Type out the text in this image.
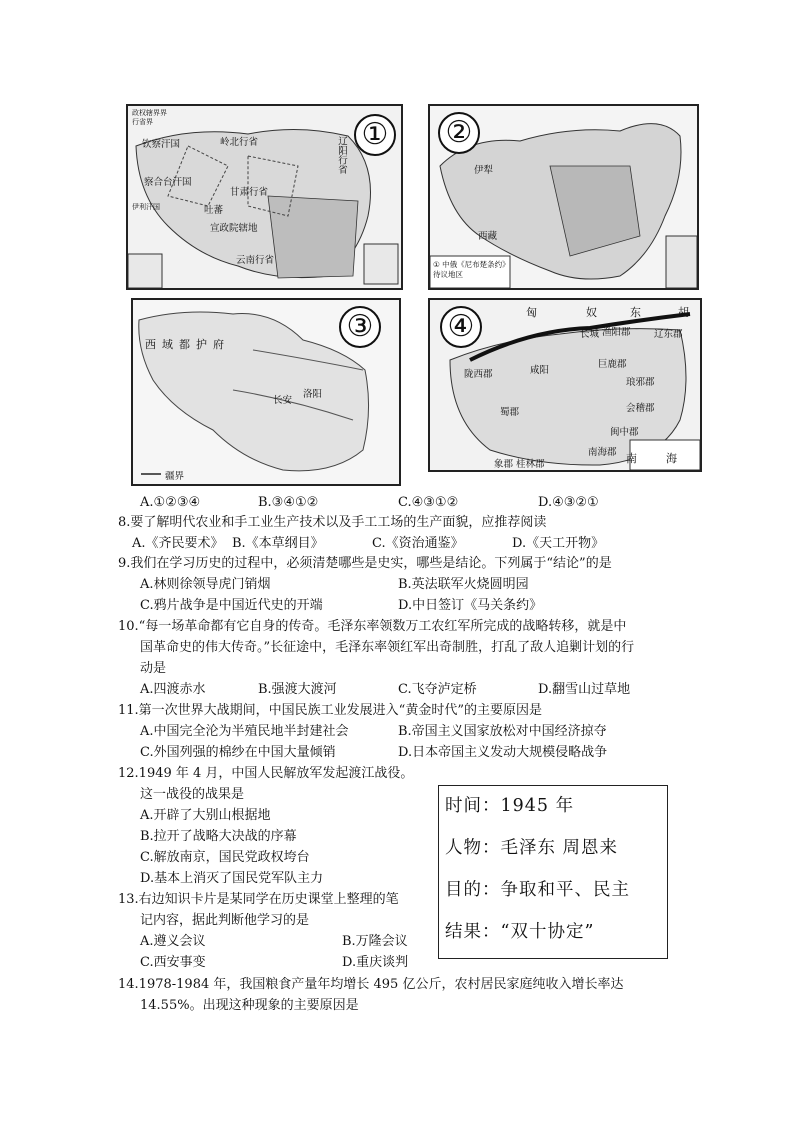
政权辖界界
行省界
钦察汗国	岭北行省	辽阳行省
察合台汗国
甘肃行省
伊利汗国	吐蕃
宣政院辖地
云南行省
①
伊犁
西藏
① 中俄《尼布楚条约》待议地区
②
西域都护府
长安
洛阳
疆界
③	匈	奴	东	胡
长城 渔阳郡 辽东郡
陇西郡	咸阳
巨鹿郡
琅邪郡
会稽郡
闽中郡
南海郡
象郡 桂林郡	南	海
蜀郡
④
A.①②③④	B.③④①②	C.④③①②	D.④③②①
8.要了解明代农业和手工业生产技术以及手工工场的生产面貌，应推荐阅读
A.《齐民要术》 B.《本草纲目》	C.《资治通鉴》	D.《天工开物》
9.我们在学习历史的过程中，必须清楚哪些是史实，哪些是结论。下列属于“结论”的是
A.林则徐领导虎门销烟	B.英法联军火烧圆明园
C.鸦片战争是中国近代史的开端	D.中日签订《马关条约》
10.“每一场革命都有它自身的传奇。毛泽东率领数万工农红军所完成的战略转移，就是中
国革命史的伟大传奇。”长征途中，毛泽东率领红军出奇制胜，打乱了敌人追剿计划的行
动是
A.四渡赤水	B.强渡大渡河	C.飞夺泸定桥	D.翻雪山过草地
11.第一次世界大战期间，中国民族工业发展进入“黄金时代”的主要原因是
A.中国完全沦为半殖民地半封建社会	B.帝国主义国家放松对中国经济掠夺
C.外国列强的棉纱在中国大量倾销	D.日本帝国主义发动大规模侵略战争
12.1949 年 4 月，中国人民解放军发起渡江战役。
这一战役的战果是
A.开辟了大别山根据地
B.拉开了战略大决战的序幕
C.解放南京，国民党政权垮台
D.基本上消灭了国民党军队主力
13.右边知识卡片是某同学在历史课堂上整理的笔
记内容，据此判断他学习的是
A.遵义会议	B.万隆会议
C.西安事变	D.重庆谈判
时间：1945 年
人物：毛泽东 周恩来
目的：争取和平、民主
结果：“双十协定”
14.1978-1984 年，我国粮食产量年均增长 495 亿公斤，农村居民家庭纯收入增长率达
14.55%。出现这种现象的主要原因是
